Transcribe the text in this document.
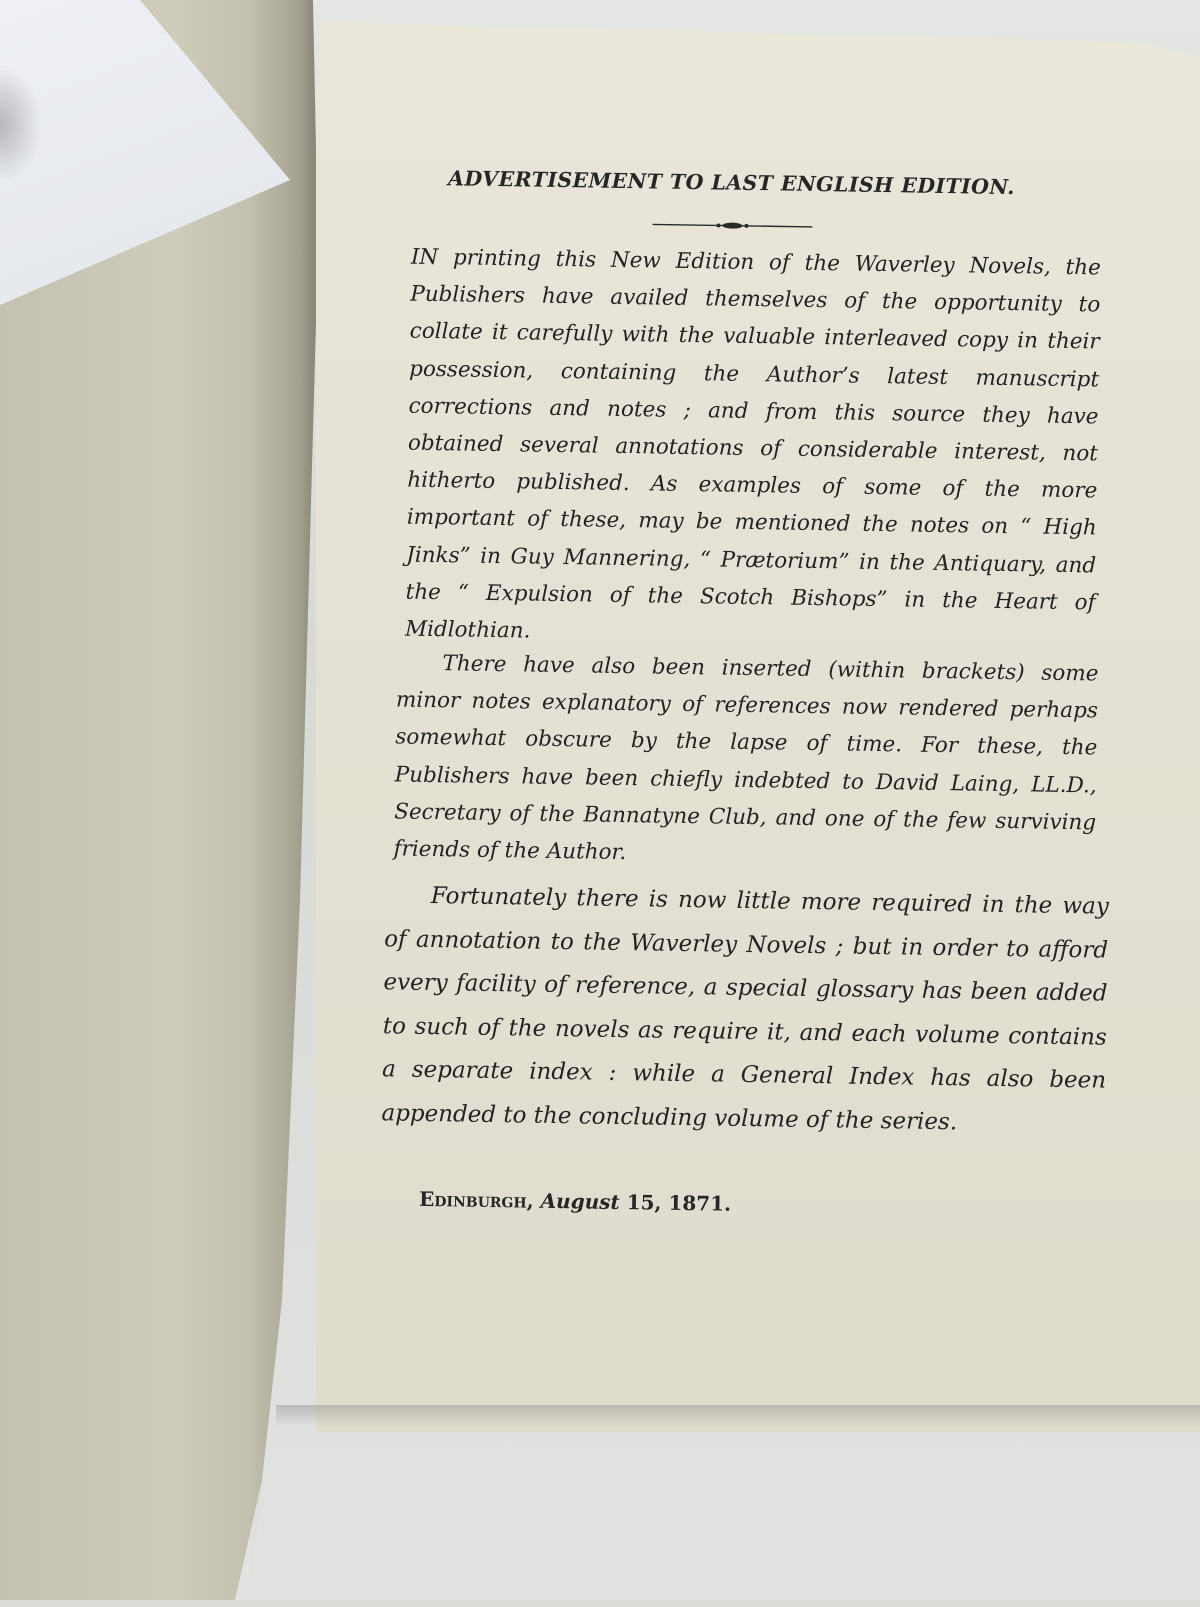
ADVERTISEMENT TO LAST ENGLISH EDITION.
IN printing this New Edition of the Waverley Novels, the Publishers have availed themselves of the opportunity to collate it carefully with the valuable interleaved copy in their possession, containing the Author’s latest manuscript corrections and notes ; and from this source they have obtained several annotations of considerable interest, not hitherto published. As examples of some of the more important of these, may be mentioned the notes on “ High Jinks” in Guy Mannering, “ Prætorium” in the Antiquary, and the “ Expulsion of the Scotch Bishops” in the Heart of Midlothian.
There have also been inserted (within brackets) some minor notes explanatory of references now rendered perhaps somewhat obscure by the lapse of time. For these, the Publishers have been chiefly indebted to David Laing, LL.D., Secretary of the Bannatyne Club, and one of the few surviving friends of the Author.
Fortunately there is now little more required in the way of annotation to the Waverley Novels ; but in order to afford every facility of reference, a special glossary has been added to such of the novels as require it, and each volume contains a separate index : while a General Index has also been appended to the concluding volume of the series.
Edinburgh, August 15, 1871.
